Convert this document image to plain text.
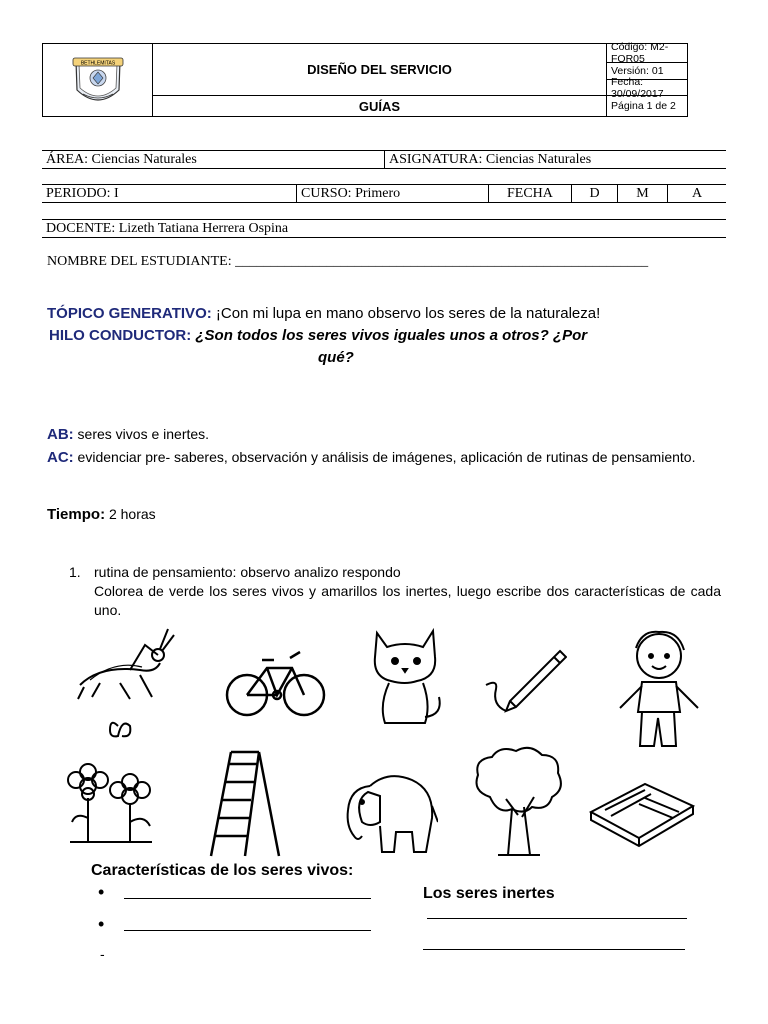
BETHLEMITAS	DISEÑO DEL SERVICIO
GUÍAS
Código: M2- FOR05
Versión: 01
Fecha: 30/09/2017
Página 1 de 2
ÁREA: Ciencias Naturales	ASIGNATURA: Ciencias Naturales
PERIODO: I	CURSO: Primero	FECHA	D	M	A
DOCENTE: Lizeth Tatiana Herrera Ospina
NOMBRE DEL ESTUDIANTE: ___________________________________________________________
TÓPICO GENERATIVO: ¡Con mi lupa en mano observo los seres de la naturaleza!
HILO CONDUCTOR: ¿Son todos los seres vivos iguales unos a otros? ¿Por
qué?
AB: seres vivos e inertes.
AC: evidenciar pre- saberes, observación y análisis de imágenes, aplicación de rutinas de pensamiento.
Tiempo: 2 horas
1. rutina de pensamiento: observo analizo respondo
Colorea de verde los seres vivos y amarillos los inertes, luego escribe dos características de cada uno.
Características de los seres vivos:
Los seres inertes
•
•
-
